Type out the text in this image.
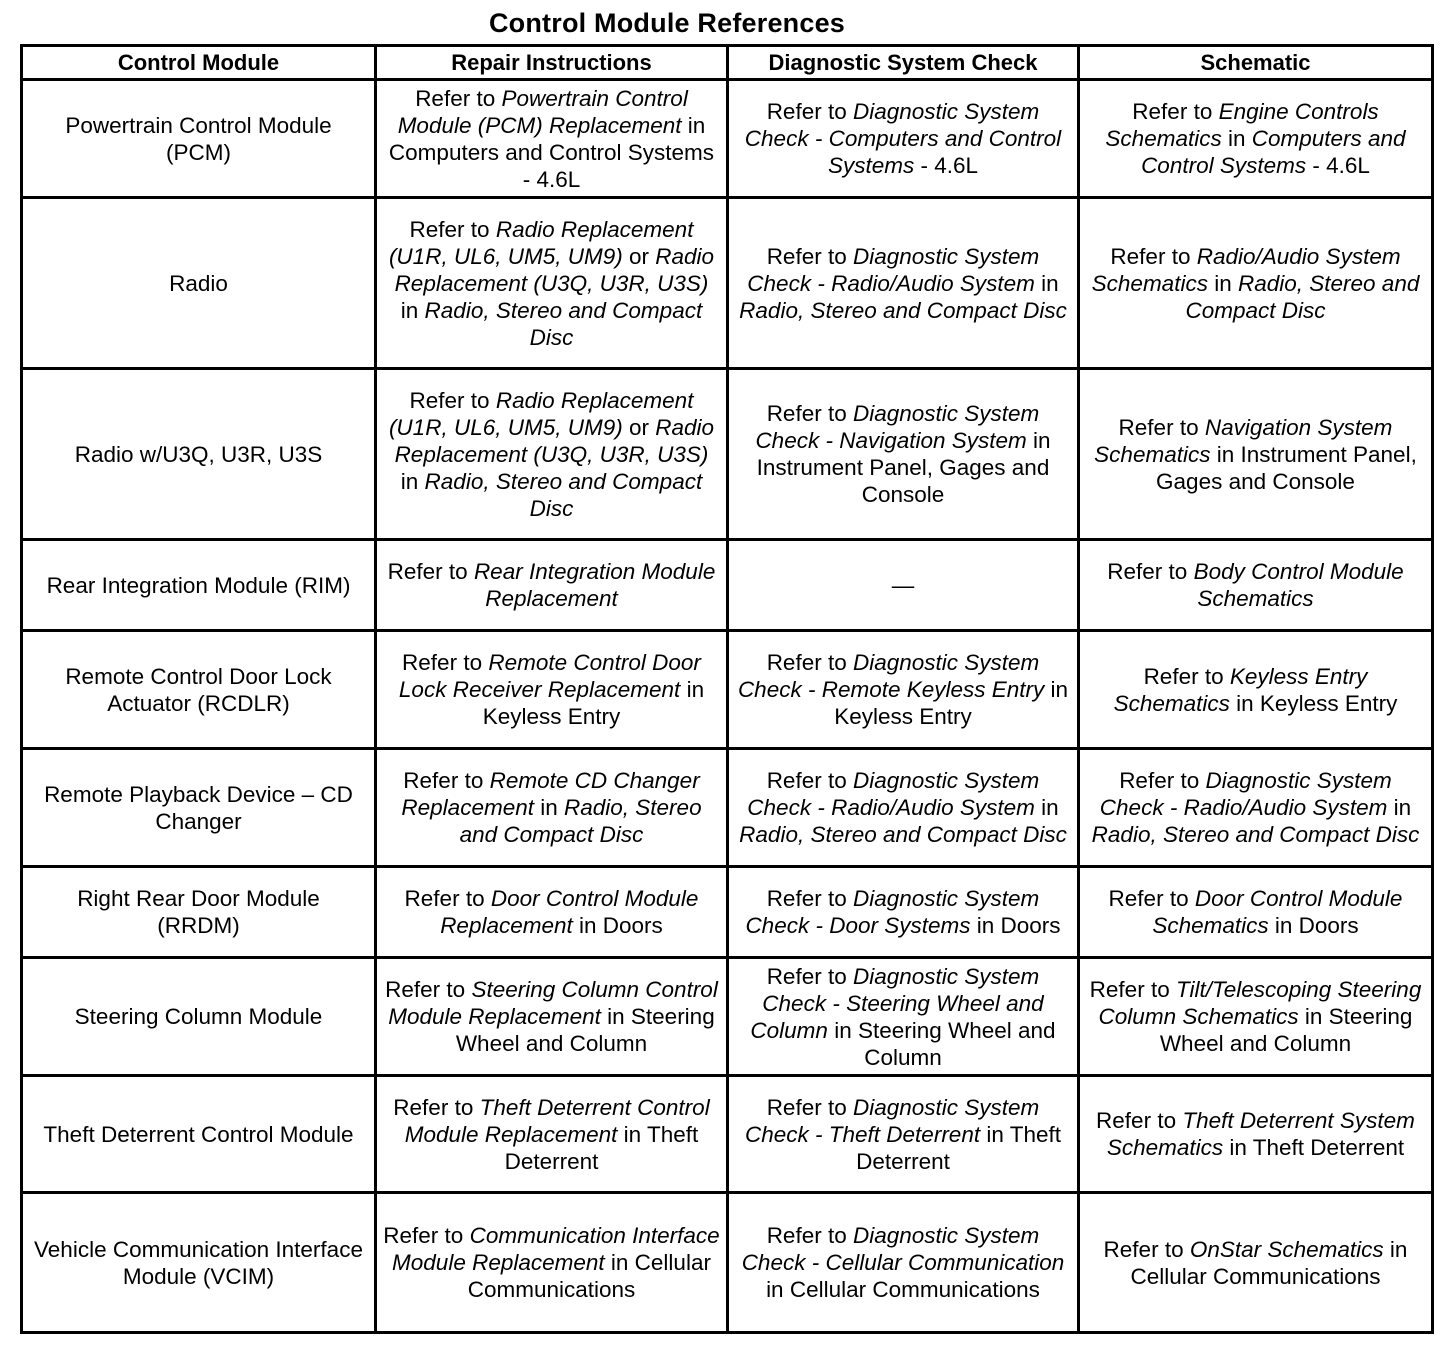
Control Module References
Control Module	Repair Instructions	Diagnostic System Check	Schematic
Powertrain Control Module (PCM)	Refer to Powertrain Control Module (PCM) Replacement in Computers and Control Systems - 4.6L	Refer to Diagnostic System Check - Computers and Control Systems - 4.6L	Refer to Engine Controls Schematics in Computers and Control Systems - 4.6L
Radio	Refer to Radio Replacement (U1R, UL6, UM5, UM9) or Radio Replacement (U3Q, U3R, U3S) in Radio, Stereo and Compact Disc	Refer to Diagnostic System Check - Radio/Audio System in Radio, Stereo and Compact Disc	Refer to Radio/Audio System Schematics in Radio, Stereo and Compact Disc
Radio w/U3Q, U3R, U3S	Refer to Radio Replacement (U1R, UL6, UM5, UM9) or Radio Replacement (U3Q, U3R, U3S) in Radio, Stereo and Compact Disc	Refer to Diagnostic System Check - Navigation System in Instrument Panel, Gages and Console	Refer to Navigation System Schematics in Instrument Panel, Gages and Console
Rear Integration Module (RIM)	Refer to Rear Integration Module Replacement	—	Refer to Body Control Module Schematics
Remote Control Door Lock Actuator (RCDLR)	Refer to Remote Control Door Lock Receiver Replacement in Keyless Entry	Refer to Diagnostic System Check - Remote Keyless Entry in Keyless Entry	Refer to Keyless Entry Schematics in Keyless Entry
Remote Playback Device – CD Changer	Refer to Remote CD Changer Replacement in Radio, Stereo and Compact Disc	Refer to Diagnostic System Check - Radio/Audio System in Radio, Stereo and Compact Disc	Refer to Diagnostic System Check - Radio/Audio System in Radio, Stereo and Compact Disc
Right Rear Door Module (RRDM)	Refer to Door Control Module Replacement in Doors	Refer to Diagnostic System Check - Door Systems in Doors	Refer to Door Control Module Schematics in Doors
Steering Column Module	Refer to Steering Column Control Module Replacement in Steering Wheel and Column	Refer to Diagnostic System Check - Steering Wheel and Column in Steering Wheel and Column	Refer to Tilt/Telescoping Steering Column Schematics in Steering Wheel and Column
Theft Deterrent Control Module	Refer to Theft Deterrent Control Module Replacement in Theft Deterrent	Refer to Diagnostic System Check - Theft Deterrent in Theft Deterrent	Refer to Theft Deterrent System Schematics in Theft Deterrent
Vehicle Communication Interface Module (VCIM)	Refer to Communication Interface Module Replacement in Cellular Communications	Refer to Diagnostic System Check - Cellular Communication in Cellular Communications	Refer to OnStar Schematics in Cellular Communications
